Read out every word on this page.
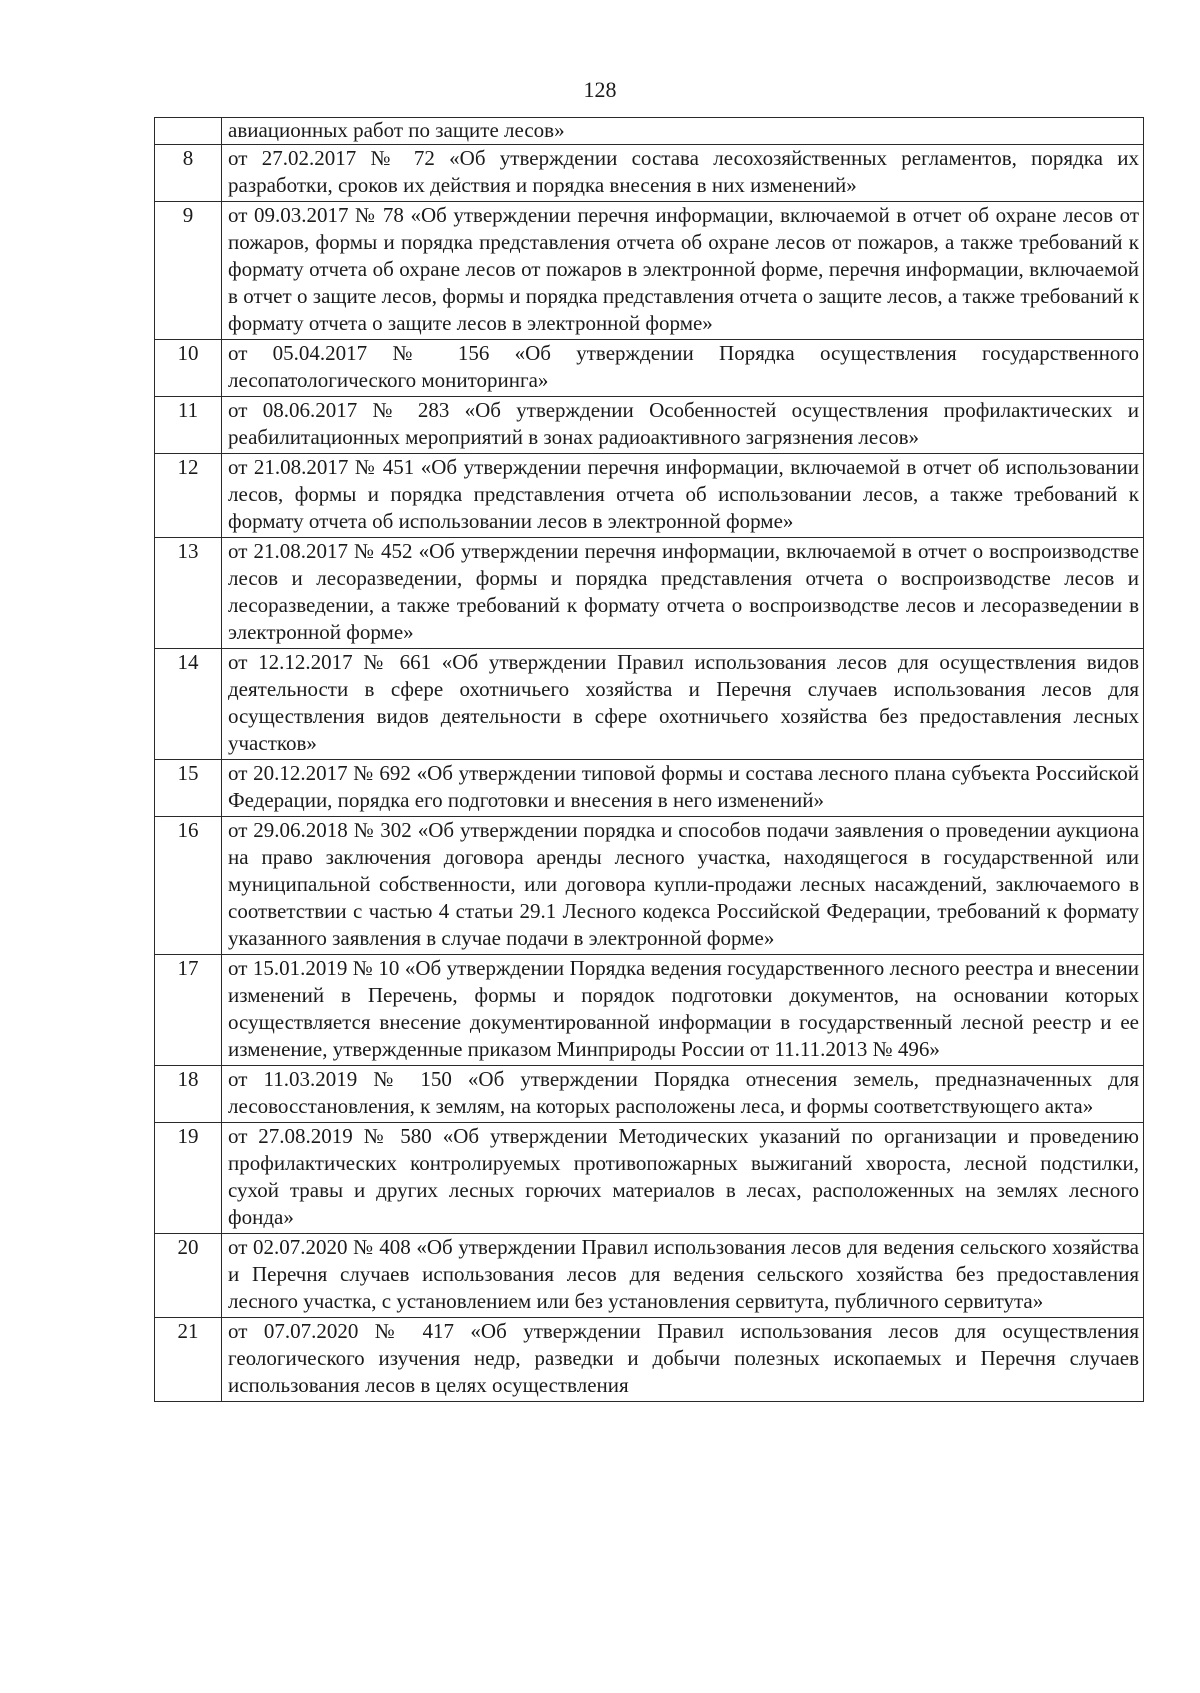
128
	авиационных работ по защите лесов»
8	от 27.02.2017 № 72 «Об утверждении состава лесохозяйственных регламентов, порядка их разработки, сроков их действия и порядка внесения в них изменений»
9	от 09.03.2017 № 78 «Об утверждении перечня информации, включаемой в отчет об охране лесов от пожаров, формы и порядка представления отчета об охране лесов от пожаров, а также требований к формату отчета об охране лесов от пожаров в электронной форме, перечня информации, включаемой в отчет о защите лесов, формы и порядка представления отчета о защите лесов, а также требований к формату отчета о защите лесов в электронной форме»
10	от 05.04.2017 № 156 «Об утверждении Порядка осуществления государственного лесопатологического мониторинга»
11	от 08.06.2017 № 283 «Об утверждении Особенностей осуществления профилактических и реабилитационных мероприятий в зонах радиоактивного загрязнения лесов»
12	от 21.08.2017 № 451 «Об утверждении перечня информации, включаемой в отчет об использовании лесов, формы и порядка представления отчета об использовании лесов, а также требований к формату отчета об использовании лесов в электронной форме»
13	от 21.08.2017 № 452 «Об утверждении перечня информации, включаемой в отчет о воспроизводстве лесов и лесоразведении, формы и порядка представления отчета о воспроизводстве лесов и лесоразведении, а также требований к формату отчета о воспроизводстве лесов и лесоразведении в электронной форме»
14	от 12.12.2017 № 661 «Об утверждении Правил использования лесов для осуществления видов деятельности в сфере охотничьего хозяйства и Перечня случаев использования лесов для осуществления видов деятельности в сфере охотничьего хозяйства без предоставления лесных участков»
15	от 20.12.2017 № 692 «Об утверждении типовой формы и состава лесного плана субъекта Российской Федерации, порядка его подготовки и внесения в него изменений»
16	от 29.06.2018 № 302 «Об утверждении порядка и способов подачи заявления о проведении аукциона на право заключения договора аренды лесного участка, находящегося в государственной или муниципальной собственности, или договора купли-продажи лесных насаждений, заключаемого в соответствии с частью 4 статьи 29.1 Лесного кодекса Российской Федерации, требований к формату указанного заявления в случае подачи в электронной форме»
17	от 15.01.2019 № 10 «Об утверждении Порядка ведения государственного лесного реестра и внесении изменений в Перечень, формы и порядок подготовки документов, на основании которых осуществляется внесение документированной информации в государственный лесной реестр и ее изменение, утвержденные приказом Минприроды России от 11.11.2013 № 496»
18	от 11.03.2019 № 150 «Об утверждении Порядка отнесения земель, предназначенных для лесовосстановления, к землям, на которых расположены леса, и формы соответствующего акта»
19	от 27.08.2019 № 580 «Об утверждении Методических указаний по организации и проведению профилактических контролируемых противопожарных выжиганий хвороста, лесной подстилки, сухой травы и других лесных горючих материалов в лесах, расположенных на землях лесного фонда»
20	от 02.07.2020 № 408 «Об утверждении Правил использования лесов для ведения сельского хозяйства и Перечня случаев использования лесов для ведения сельского хозяйства без предоставления лесного участка, с установлением или без установления сервитута, публичного сервитута»
21	от 07.07.2020 № 417 «Об утверждении Правил использования лесов для осуществления геологического изучения недр, разведки и добычи полезных ископаемых и Перечня случаев использования лесов в целях осуществления
